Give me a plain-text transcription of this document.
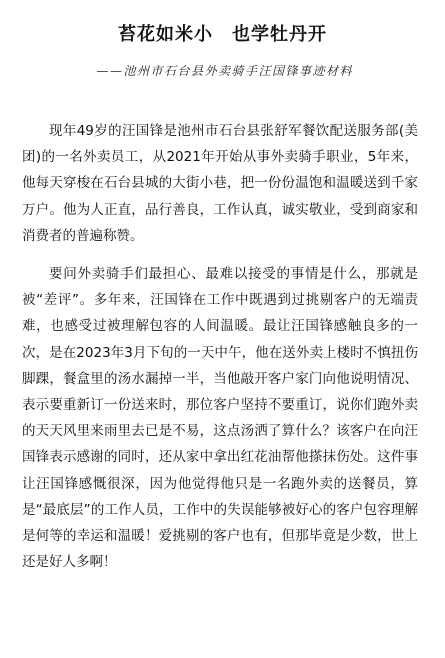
苔花如米小　也学牡丹开
——池州市石台县外卖骑手汪国锋事迹材料

现年49岁的汪国锋是池州市石台县张舒军餐饮配送服务部(美团)的一名外卖员工，从2021年开始从事外卖骑手职业，5年来，他每天穿梭在石台县城的大街小巷，把一份份温饱和温暖送到千家万户。他为人正直，品行善良，工作认真，诚实敬业，受到商家和消费者的普遍称赞。

要问外卖骑手们最担心、最难以接受的事情是什么，那就是被“差评”。多年来，汪国锋在工作中既遇到过挑剔客户的无端责难，也感受过被理解包容的人间温暖。最让汪国锋感触良多的一次，是在2023年3月下旬的一天中午，他在送外卖上楼时不慎扭伤脚踝，餐盒里的汤水漏掉一半，当他敲开客户家门向他说明情况、表示要重新订一份送来时，那位客户坚持不要重订，说你们跑外卖的天天风里来雨里去已是不易，这点汤洒了算什么？该客户在向汪国锋表示感谢的同时，还从家中拿出红花油帮他搽抹伤处。这件事让汪国锋感慨很深，因为他觉得他只是一名跑外卖的送餐员，算是“最底层”的工作人员，工作中的失误能够被好心的客户包容理解是何等的幸运和温暖！爱挑剔的客户也有，但那毕竟是少数，世上还是好人多啊！
